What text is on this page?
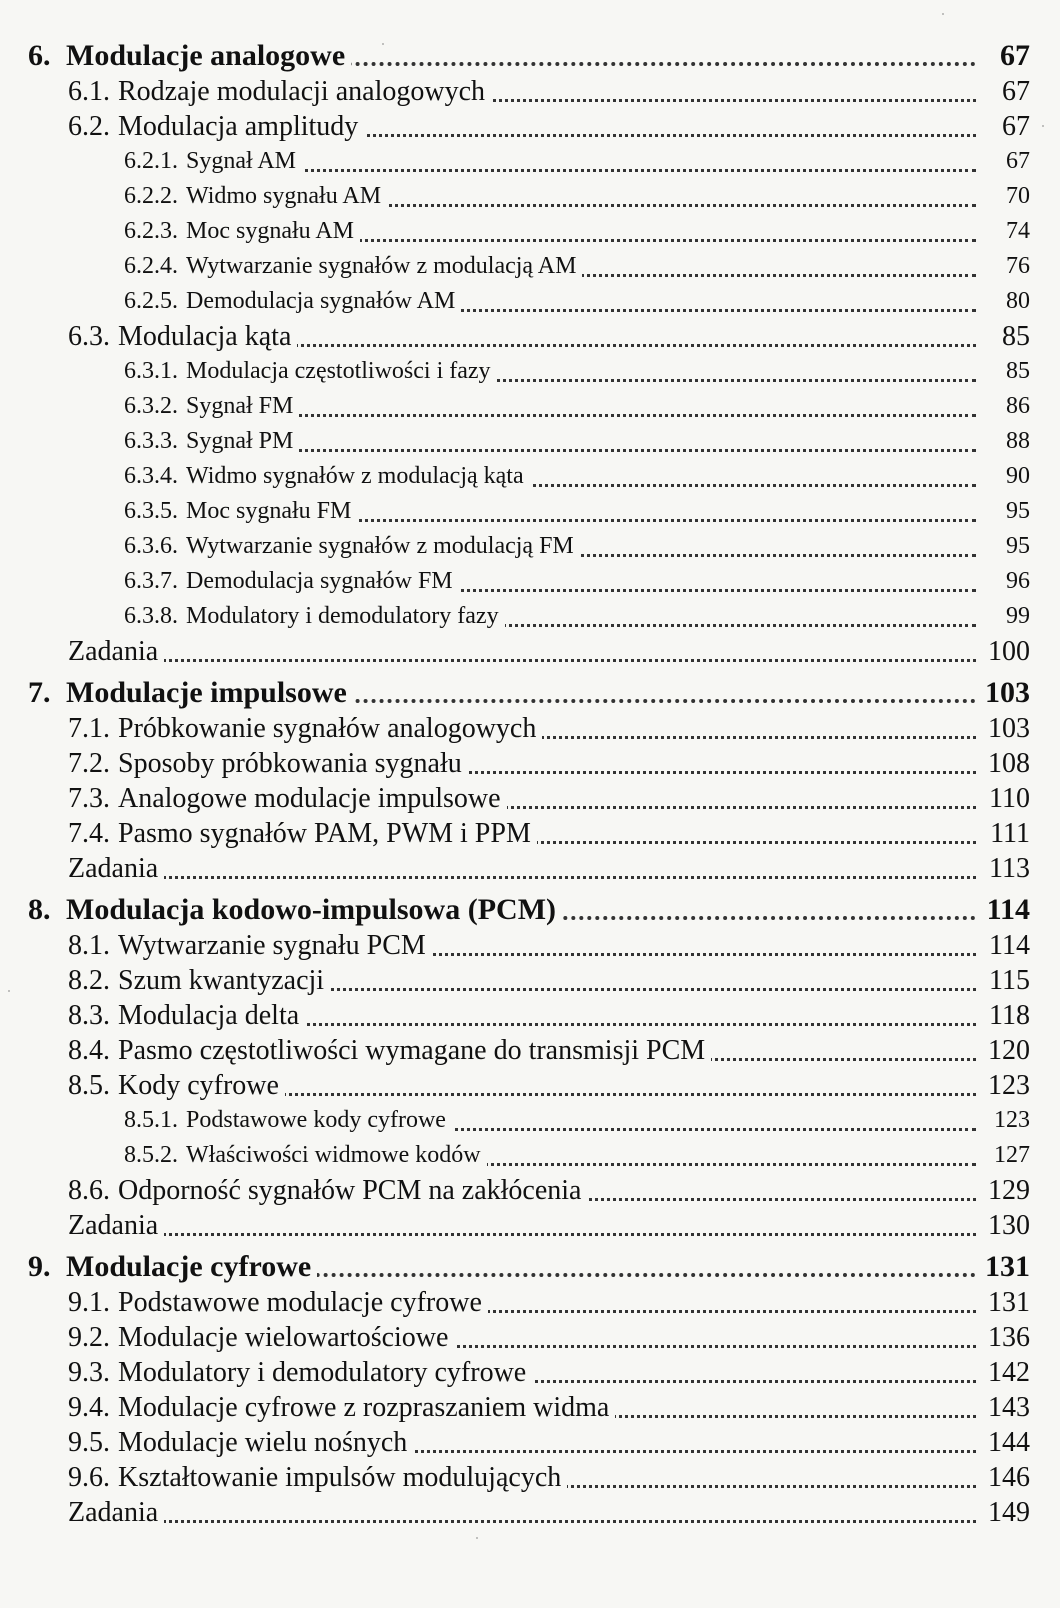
6. Modulacje analogowe	67
6.1. Rodzaje modulacji analogowych	67
6.2. Modulacja amplitudy	67
6.2.1. Sygnał AM	67
6.2.2. Widmo sygnału AM	70
6.2.3. Moc sygnału AM	74
6.2.4. Wytwarzanie sygnałów z modulacją AM	76
6.2.5. Demodulacja sygnałów AM	80
6.3. Modulacja kąta	85
6.3.1. Modulacja częstotliwości i fazy	85
6.3.2. Sygnał FM	86
6.3.3. Sygnał PM	88
6.3.4. Widmo sygnałów z modulacją kąta	90
6.3.5. Moc sygnału FM	95
6.3.6. Wytwarzanie sygnałów z modulacją FM	95
6.3.7. Demodulacja sygnałów FM	96
6.3.8. Modulatory i demodulatory fazy	99
Zadania	100
7. Modulacje impulsowe	103
7.1. Próbkowanie sygnałów analogowych	103
7.2. Sposoby próbkowania sygnału	108
7.3. Analogowe modulacje impulsowe	110
7.4. Pasmo sygnałów PAM, PWM i PPM	111
Zadania	113
8. Modulacja kodowo-impulsowa (PCM)	114
8.1. Wytwarzanie sygnału PCM	114
8.2. Szum kwantyzacji	115
8.3. Modulacja delta	118
8.4. Pasmo częstotliwości wymagane do transmisji PCM	120
8.5. Kody cyfrowe	123
8.5.1. Podstawowe kody cyfrowe	123
8.5.2. Właściwości widmowe kodów	127
8.6. Odporność sygnałów PCM na zakłócenia	129
Zadania	130
9. Modulacje cyfrowe	131
9.1. Podstawowe modulacje cyfrowe	131
9.2. Modulacje wielowartościowe	136
9.3. Modulatory i demodulatory cyfrowe	142
9.4. Modulacje cyfrowe z rozpraszaniem widma	143
9.5. Modulacje wielu nośnych	144
9.6. Kształtowanie impulsów modulujących	146
Zadania	149
